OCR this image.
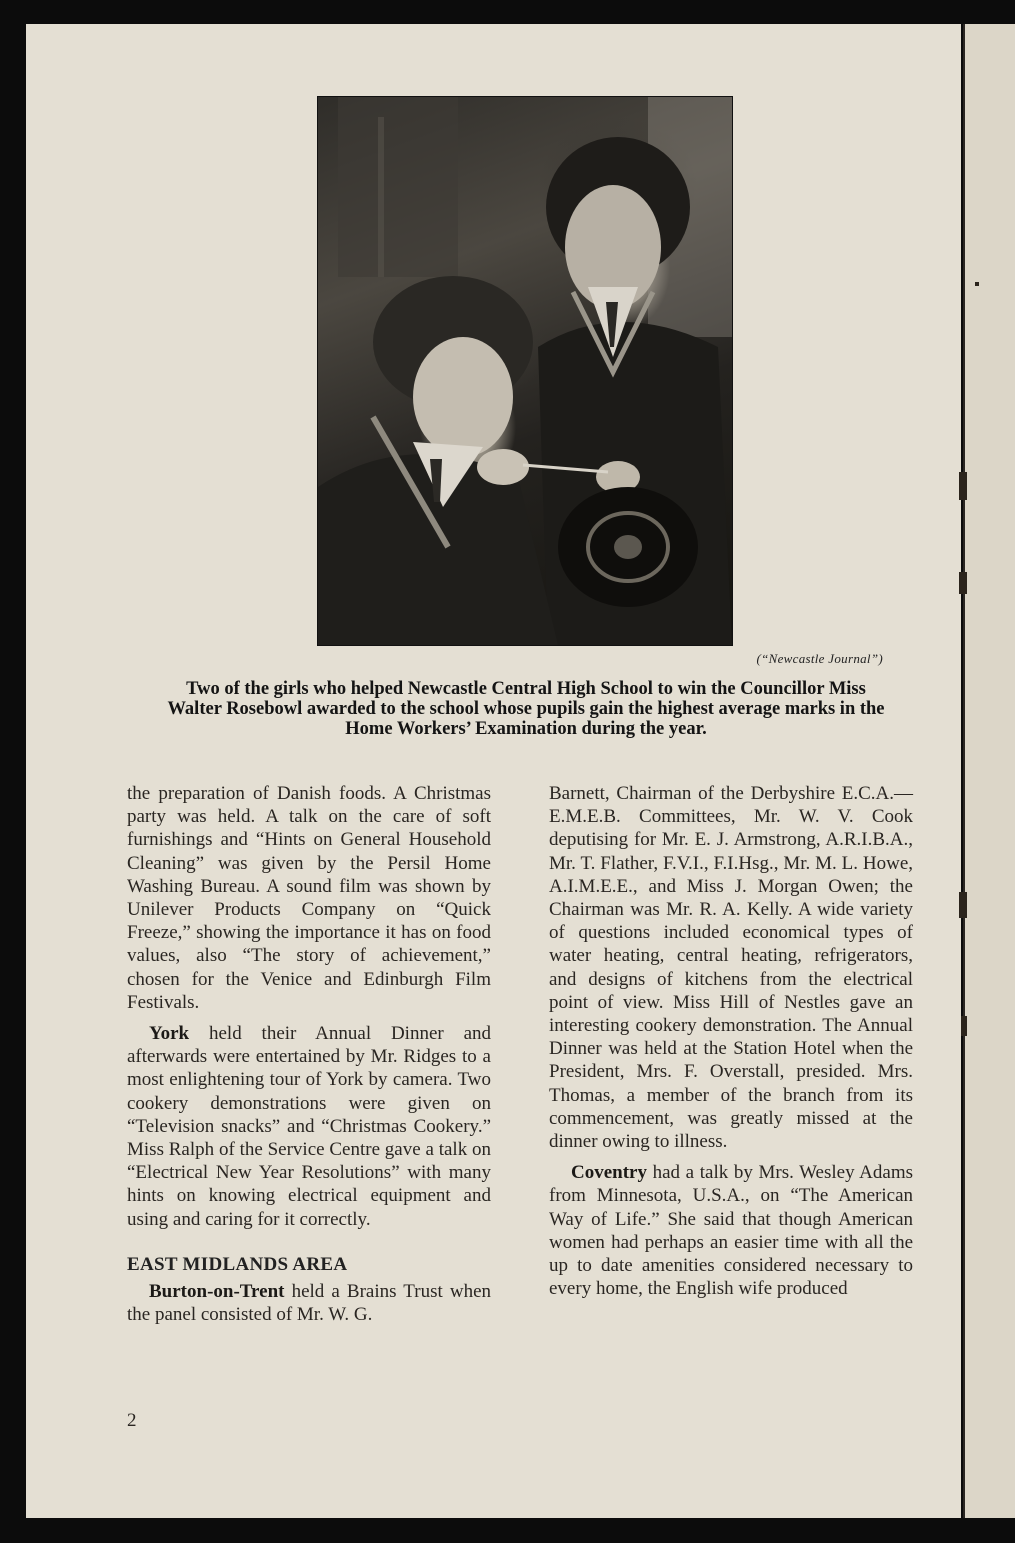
(“Newcastle Journal”)
Two of the girls who helped Newcastle Central High School to win the Councillor Miss Walter Rosebowl awarded to the school whose pupils gain the highest average marks in the Home Workers’ Examination during the year.

the preparation of Danish foods. A Christmas party was held. A talk on the care of soft furnishings and “Hints on General Household Cleaning” was given by the Persil Home Washing Bureau. A sound film was shown by Unilever Products Company on “Quick Freeze,” showing the importance it has on food values, also “The story of achievement,” chosen for the Venice and Edinburgh Film Festivals.

York held their Annual Dinner and afterwards were entertained by Mr. Ridges to a most enlightening tour of York by camera. Two cookery demonstrations were given on “Television snacks” and “Christmas Cookery.” Miss Ralph of the Service Centre gave a talk on “Electrical New Year Resolutions” with many hints on knowing electrical equipment and using and caring for it correctly.

EAST MIDLANDS AREA

Burton-on-Trent held a Brains Trust when the panel consisted of Mr. W. G.

Barnett, Chairman of the Derbyshire E.C.A.—E.M.E.B. Committees, Mr. W. V. Cook deputising for Mr. E. J. Armstrong, A.R.I.B.A., Mr. T. Flather, F.V.I., F.I.Hsg., Mr. M. L. Howe, A.I.M.E.E., and Miss J. Morgan Owen; the Chairman was Mr. R. A. Kelly. A wide variety of questions included economical types of water heating, central heating, refrigerators, and designs of kitchens from the electrical point of view. Miss Hill of Nestles gave an interesting cookery demonstration. The Annual Dinner was held at the Station Hotel when the President, Mrs. F. Overstall, presided. Mrs. Thomas, a member of the branch from its commencement, was greatly missed at the dinner owing to illness.

Coventry had a talk by Mrs. Wesley Adams from Minnesota, U.S.A., on “The American Way of Life.” She said that though American women had perhaps an easier time with all the up to date amenities considered necessary to every home, the English wife produced

2
